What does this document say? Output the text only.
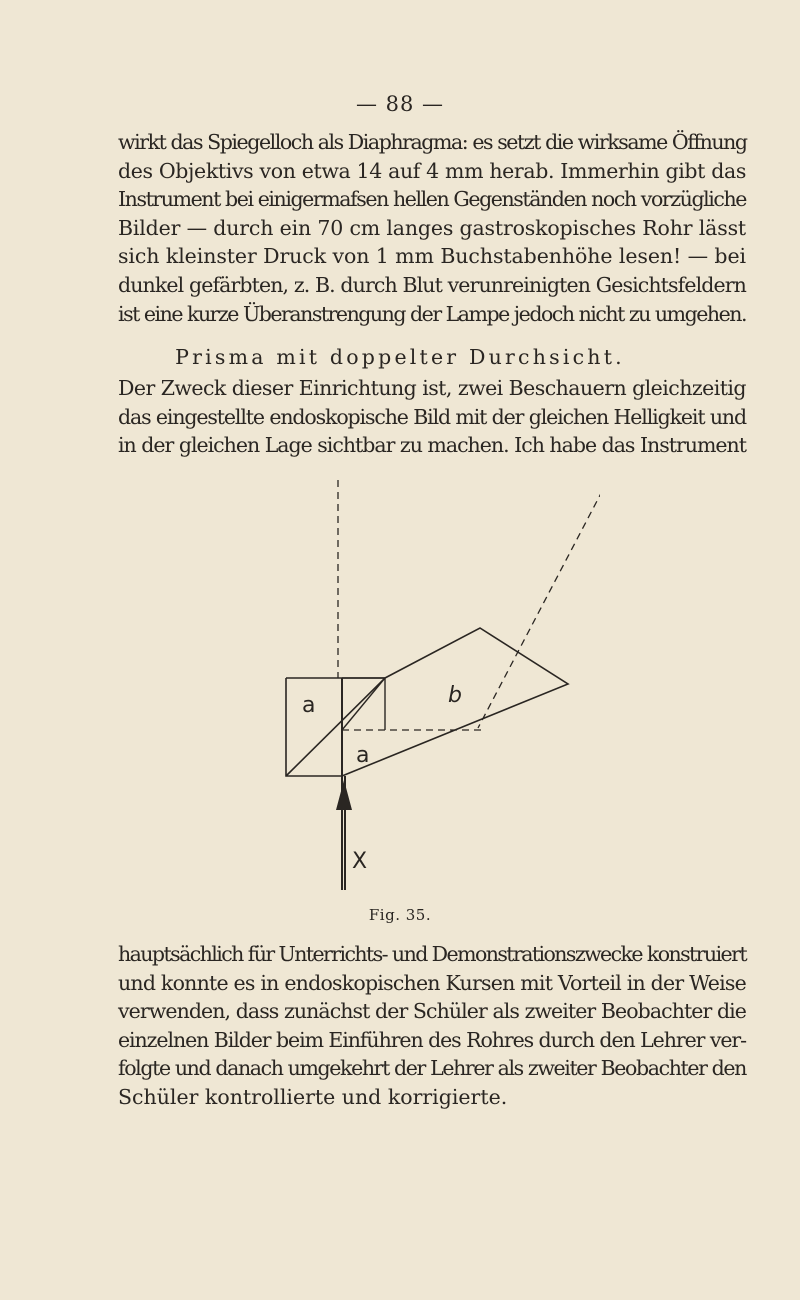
— 88 —
wirkt das Spiegelloch als Diaphragma: es setzt die wirksame Öffnung
des Objektivs von etwa 14 auf 4 mm herab. Immerhin gibt das
Instrument bei einigermafsen hellen Gegenständen noch vorzügliche
Bilder — durch ein 70 cm langes gastroskopisches Rohr lässt
sich kleinster Druck von 1 mm Buchstabenhöhe lesen! — bei
dunkel gefärbten, z. B. durch Blut verunreinigten Gesichtsfeldern
ist eine kurze Überanstrengung der Lampe jedoch nicht zu umgehen.
Prisma mit doppelter Durchsicht.
Der Zweck dieser Einrichtung ist, zwei Beschauern gleichzeitig
das eingestellte endoskopische Bild mit der gleichen Helligkeit und
in der gleichen Lage sichtbar zu machen. Ich habe das Instrument
a
a
b
X
Fig. 35.
hauptsächlich für Unterrichts- und Demonstrationszwecke konstruiert
und konnte es in endoskopischen Kursen mit Vorteil in der Weise
verwenden, dass zunächst der Schüler als zweiter Beobachter die
einzelnen Bilder beim Einführen des Rohres durch den Lehrer ver-
folgte und danach umgekehrt der Lehrer als zweiter Beobachter den
Schüler kontrollierte und korrigierte.
